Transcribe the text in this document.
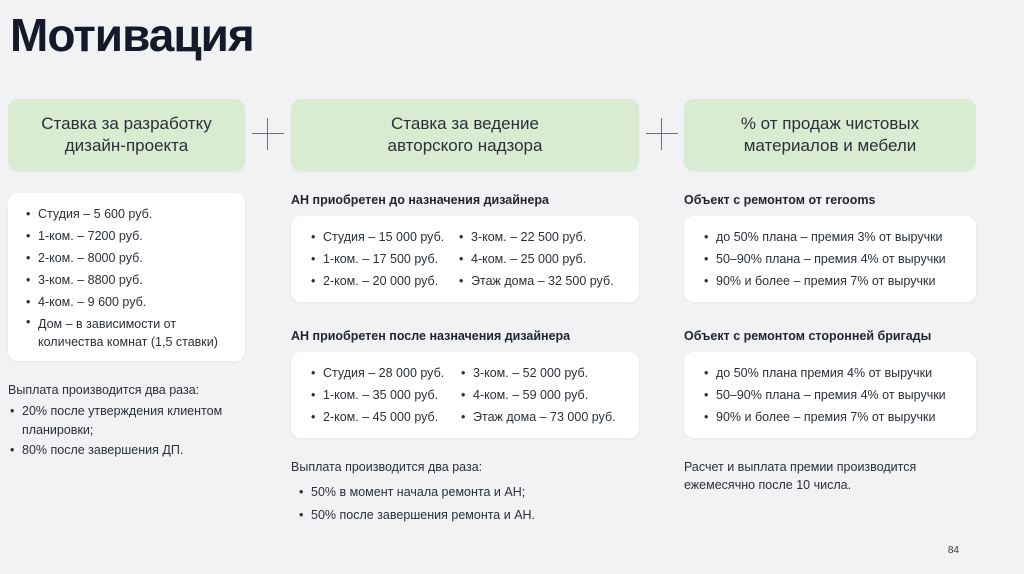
Мотивация
Ставка за разработку
дизайн-проекта
• Студия – 5 600 руб.
• 1-ком. – 7200 руб.
• 2-ком. – 8000 руб.
• 3-ком. – 8800 руб.
• 4-ком. – 9 600 руб.
• Дом – в зависимости от количества комнат (1,5 ставки)
Выплата производится два раза:
• 20% после утверждения клиентом планировки;
• 80% после завершения ДП.
Ставка за ведение
авторского надзора
АН приобретен до назначения дизайнера
• Студия – 15 000 руб.
• 1-ком. – 17 500 руб.
• 2-ком. – 20 000 руб.
• 3-ком. – 22 500 руб.
• 4-ком. – 25 000 руб.
• Этаж дома – 32 500 руб.
АН приобретен после назначения дизайнера
• Студия – 28 000 руб.
• 1-ком. – 35 000 руб.
• 2-ком. – 45 000 руб.
• 3-ком. – 52 000 руб.
• 4-ком. – 59 000 руб.
• Этаж дома – 73 000 руб.
Выплата производится два раза:
• 50% в момент начала ремонта и АН;
• 50% после завершения ремонта и АН.
% от продаж чистовых
материалов и мебели
Объект с ремонтом от rerooms
• до 50% плана – премия 3% от выручки
• 50–90% плана – премия 4% от выручки
• 90% и более – премия 7% от выручки
Объект с ремонтом сторонней бригады
• до 50% плана премия 4% от выручки
• 50–90% плана – премия 4% от выручки
• 90% и более – премия 7% от выручки
Расчет и выплата премии производится
ежемесячно после 10 числа.
84
